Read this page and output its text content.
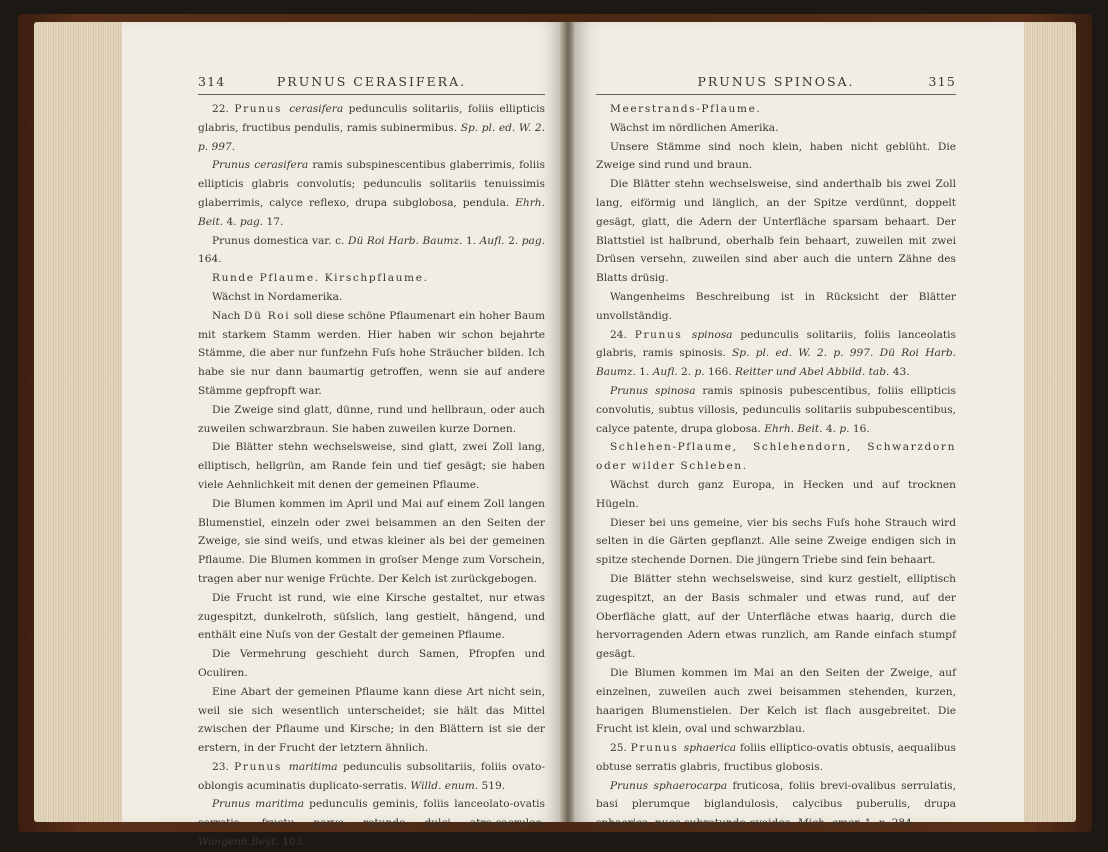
314	PRUNUS CERASIFERA.

22. Prunus cerasifera pedunculis solitariis, foliis ellipticis glabris, fructibus pendulis, ramis subinermibus. Sp. pl. ed. W. 2. p. 997.

Prunus cerasifera ramis subspinescentibus glaberrimis, foliis ellipticis glabris convolutis; pedunculis solitariis tenuissimis glaberrimis, calyce reflexo, drupa subglobosa, pendula. Ehrh. Beit. 4. pag. 17.

Prunus domestica var. c. Dü Roi Harb. Baumz. 1. Aufl. 2. pag. 164.

Runde Pflaume. Kirschpflaume.

Wächst in Nordamerika.

Nach Dü Roi soll diese schöne Pflaumenart ein hoher Baum mit starkem Stamm werden. Hier haben wir schon bejahrte Stämme, die aber nur funfzehn Fuſs hohe Sträucher bilden. Ich habe sie nur dann baumartig getroffen, wenn sie auf andere Stämme gepfropft war.

Die Zweige sind glatt, dünne, rund und hellbraun, oder auch zuweilen schwarzbraun. Sie haben zuweilen kurze Dornen.

Die Blätter stehn wechselsweise, sind glatt, zwei Zoll lang, elliptisch, hellgrün, am Rande fein und tief gesägt; sie haben viele Aehnlichkeit mit denen der gemeinen Pflaume.

Die Blumen kommen im April und Mai auf einem Zoll langen Blumenstiel, einzeln oder zwei beisammen an den Seiten der Zweige, sie sind weiſs, und etwas kleiner als bei der gemeinen Pflaume. Die Blumen kommen in groſser Menge zum Vorschein, tragen aber nur wenige Früchte. Der Kelch ist zurückgebogen.

Die Frucht ist rund, wie eine Kirsche gestaltet, nur etwas zugespitzt, dunkelroth, süſslich, lang gestielt, hängend, und enthält eine Nuſs von der Gestalt der gemeinen Pflaume.

Die Vermehrung geschieht durch Samen, Pfropfen und Oculiren.

Eine Abart der gemeinen Pflaume kann diese Art nicht sein, weil sie sich wesentlich unterscheidet; sie hält das Mittel zwischen der Pflaume und Kirsche; in den Blättern ist sie der erstern, in der Frucht der letztern ähnlich.

23. Prunus maritima pedunculis subsolitariis, foliis ovato-oblongis acuminatis duplicato-serratis. Willd. enum. 519.

Prunus maritima pedunculis geminis, foliis lanceolato-ovatis serratis, fructu parvo rotundo dulci atro-caeruleo. Wangenh.Beyt. 103.

PRUNUS SPINOSA.	315

Meerstrands-Pflaume.

Wächst im nördlichen Amerika.

Unsere Stämme sind noch klein, haben nicht geblüht. Die Zweige sind rund und braun.

Die Blätter stehn wechselsweise, sind anderthalb bis zwei Zoll lang, eiförmig und länglich, an der Spitze verdünnt, doppelt gesägt, glatt, die Adern der Unterfläche sparsam behaart. Der Blattstiel ist halbrund, oberhalb fein behaart, zuweilen mit zwei Drüsen versehn, zuweilen sind aber auch die untern Zähne des Blatts drüsig.

Wangenheims Beschreibung ist in Rücksicht der Blätter unvollständig.

24. Prunus spinosa pedunculis solitariis, foliis lanceolatis glabris, ramis spinosis. Sp. pl. ed. W. 2. p. 997. Dü Roi Harb. Baumz. 1. Aufl. 2. p. 166. Reitter und Abel Abbild. tab. 43.

Prunus spinosa ramis spinosis pubescentibus, foliis ellipticis convolutis, subtus villosis, pedunculis solitariis subpubescentibus, calyce patente, drupa globosa. Ehrh. Beit. 4. p. 16.

Schlehen-Pflaume, Schlehendorn, Schwarzdorn oder wilder Schleben.

Wächst durch ganz Europa, in Hecken und auf trocknen Hügeln.

Dieser bei uns gemeine, vier bis sechs Fuſs hohe Strauch wird selten in die Gärten gepflanzt. Alle seine Zweige endigen sich in spitze stechende Dornen. Die jüngern Triebe sind fein behaart.

Die Blätter stehn wechselsweise, sind kurz gestielt, elliptisch zugespitzt, an der Basis schmaler und etwas rund, auf der Oberfläche glatt, auf der Unterfläche etwas haarig, durch die hervorragenden Adern etwas runzlich, am Rande einfach stumpf gesägt.

Die Blumen kommen im Mai an den Seiten der Zweige, auf einzelnen, zuweilen auch zwei beisammen stehenden, kurzen, haarigen Blumenstielen. Der Kelch ist flach ausgebreitet. Die Frucht ist klein, oval und schwarzblau.

25. Prunus sphaerica foliis elliptico-ovatis obtusis, aequalibus obtuse serratis glabris, fructibus globosis.

Prunus sphaerocarpa fruticosa, foliis brevi-ovalibus serrulatis, basi plerumque biglandulosis, calycibus puberulis, drupa sphaerica, nuce subrotundo-ovoidea. Mich. amer. 1. p. 284.
